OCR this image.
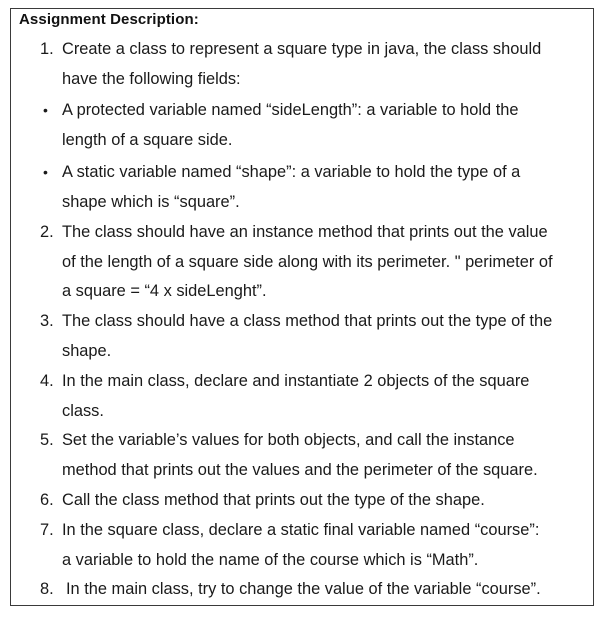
Assignment Description:
1. Create a class to represent a square type in java, the class should
have the following fields:
• A protected variable named “sideLength”: a variable to hold the
length of a square side.
• A static variable named “shape”: a variable to hold the type of a
shape which is “square”.
2. The class should have an instance method that prints out the value
of the length of a square side along with its perimeter. " perimeter of
a square = “4 x sideLenght”.
3. The class should have a class method that prints out the type of the
shape.
4. In the main class, declare and instantiate 2 objects of the square
class.
5. Set the variable’s values for both objects, and call the instance
method that prints out the values and the perimeter of the square.
6. Call the class method that prints out the type of the shape.
7. In the square class, declare a static final variable named “course”:
a variable to hold the name of the course which is “Math”.
8. In the main class, try to change the value of the variable “course”.
